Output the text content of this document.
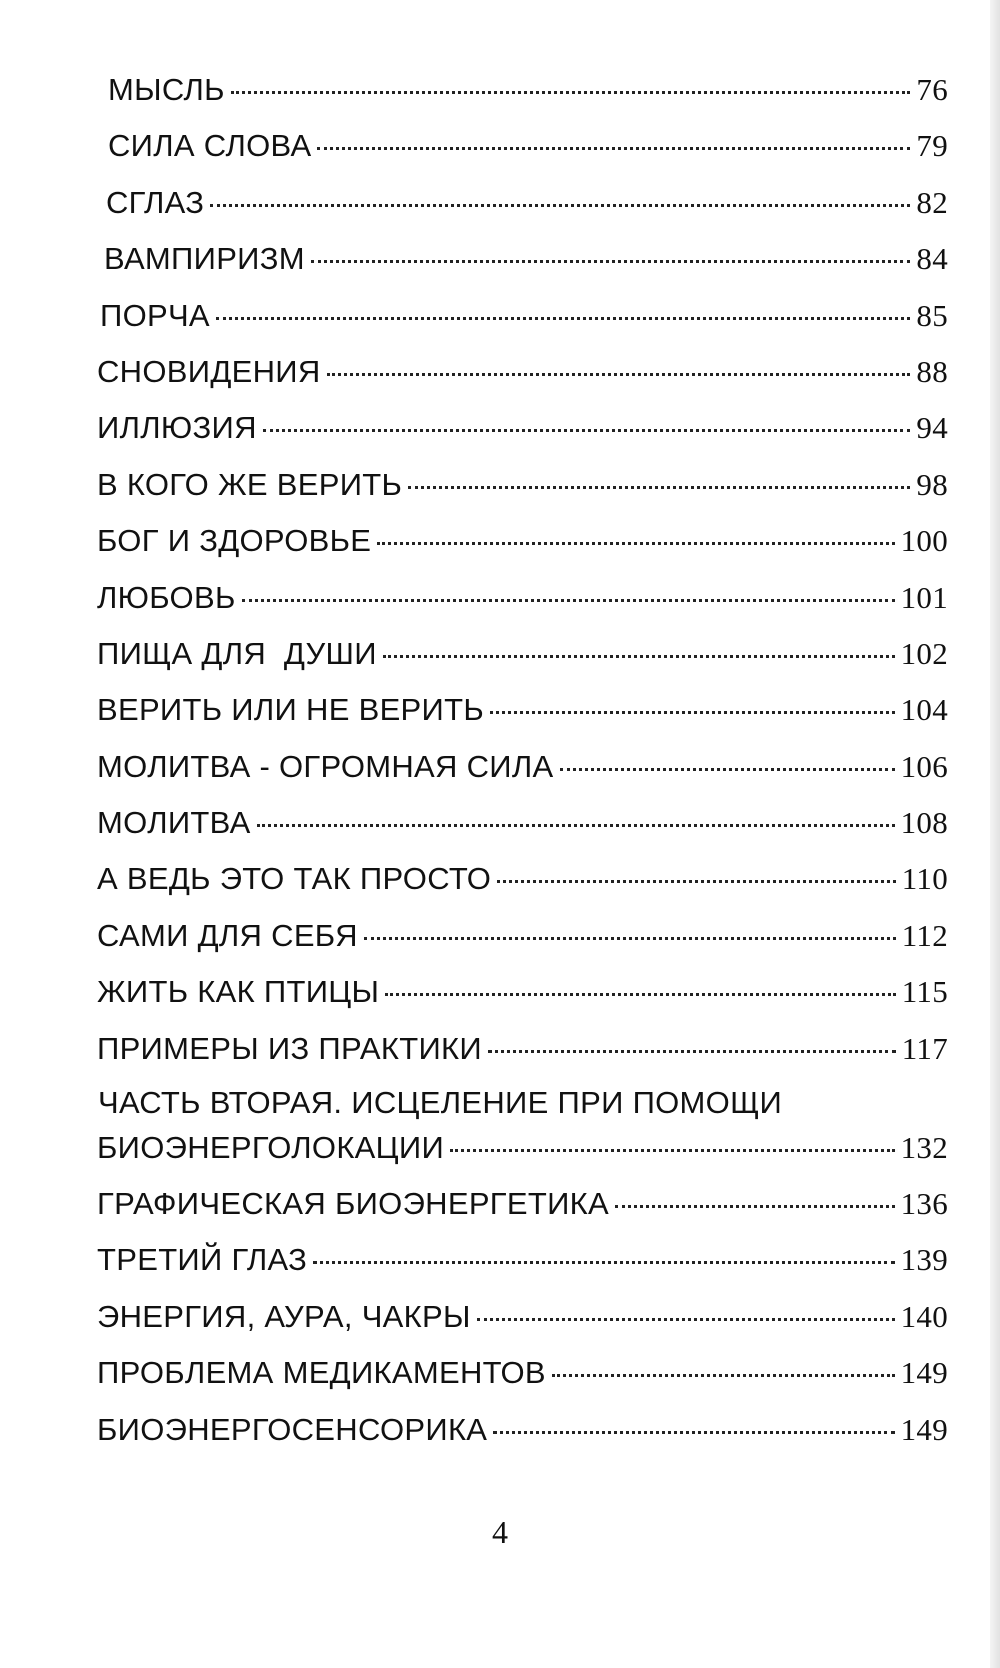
МЫСЛЬ	76
СИЛА СЛОВА	79
СГЛАЗ	82
ВАМПИРИЗМ	84
ПОРЧА	85
СНОВИДЕНИЯ	88
ИЛЛЮЗИЯ	94
В КОГО ЖЕ ВЕРИТЬ	98
БОГ И ЗДОРОВЬЕ	100
ЛЮБОВЬ	101
ПИЩА ДЛЯ  ДУШИ	102
ВЕРИТЬ ИЛИ НЕ ВЕРИТЬ	104
МОЛИТВА - ОГРОМНАЯ СИЛА	106
МОЛИТВА	108
А ВЕДЬ ЭТО ТАК ПРОСТО	110
САМИ ДЛЯ СЕБЯ	112
ЖИТЬ КАК ПТИЦЫ	115
ПРИМЕРЫ ИЗ ПРАКТИКИ	117
ЧАСТЬ ВТОРАЯ. ИСЦЕЛЕНИЕ ПРИ ПОМОЩИ
БИОЭНЕРГОЛОКАЦИИ	132
ГРАФИЧЕСКАЯ БИОЭНЕРГЕТИКА	136
ТРЕТИЙ ГЛАЗ	139
ЭНЕРГИЯ, АУРА, ЧАКРЫ	140
ПРОБЛЕМА МЕДИКАМЕНТОВ	149
БИОЭНЕРГОСЕНСОРИКА	149
4
